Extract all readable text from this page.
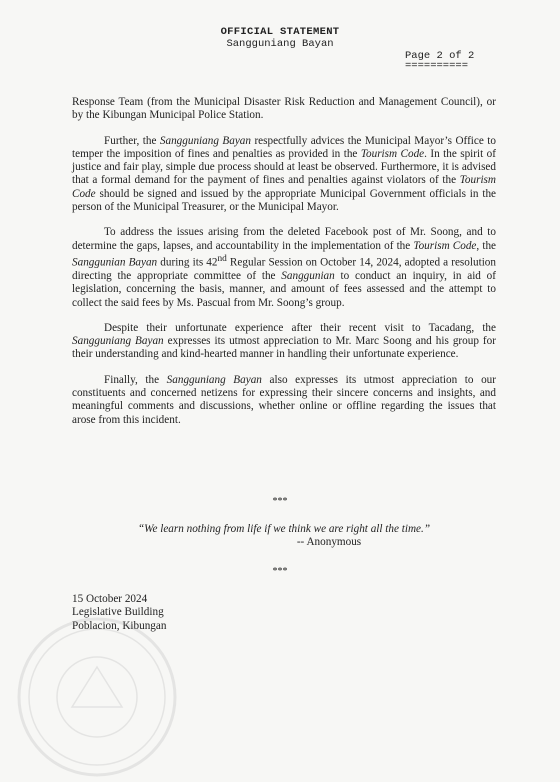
OFFICIAL STATEMENT
Sangguniang Bayan
Page 2 of 2
==========

Response Team (from the Municipal Disaster Risk Reduction and Management Council), or by the Kibungan Municipal Police Station.

Further, the Sangguniang Bayan respectfully advices the Municipal Mayor’s Office to temper the imposition of fines and penalties as provided in the Tourism Code. In the spirit of justice and fair play, simple due process should at least be observed. Furthermore, it is advised that a formal demand for the payment of fines and penalties against violators of the Tourism Code should be signed and issued by the appropriate Municipal Government officials in the person of the Municipal Treasurer, or the Municipal Mayor.

To address the issues arising from the deleted Facebook post of Mr. Soong, and to determine the gaps, lapses, and accountability in the implementation of the Tourism Code, the Sanggunian Bayan during its 42nd Regular Session on October 14, 2024, adopted a resolution directing the appropriate committee of the Sanggunian to conduct an inquiry, in aid of legislation, concerning the basis, manner, and amount of fees assessed and the attempt to collect the said fees by Ms. Pascual from Mr. Soong’s group.

Despite their unfortunate experience after their recent visit to Tacadang, the Sangguniang Bayan expresses its utmost appreciation to Mr. Marc Soong and his group for their understanding and kind-hearted manner in handling their unfortunate experience.

Finally, the Sangguniang Bayan also expresses its utmost appreciation to our constituents and concerned netizens for expressing their sincere concerns and insights, and meaningful comments and discussions, whether online or offline regarding the issues that arose from this incident.

***
“We learn nothing from life if we think we are right all the time.”
-- Anonymous
***
15 October 2024
Legislative Building
Poblacion, Kibungan
